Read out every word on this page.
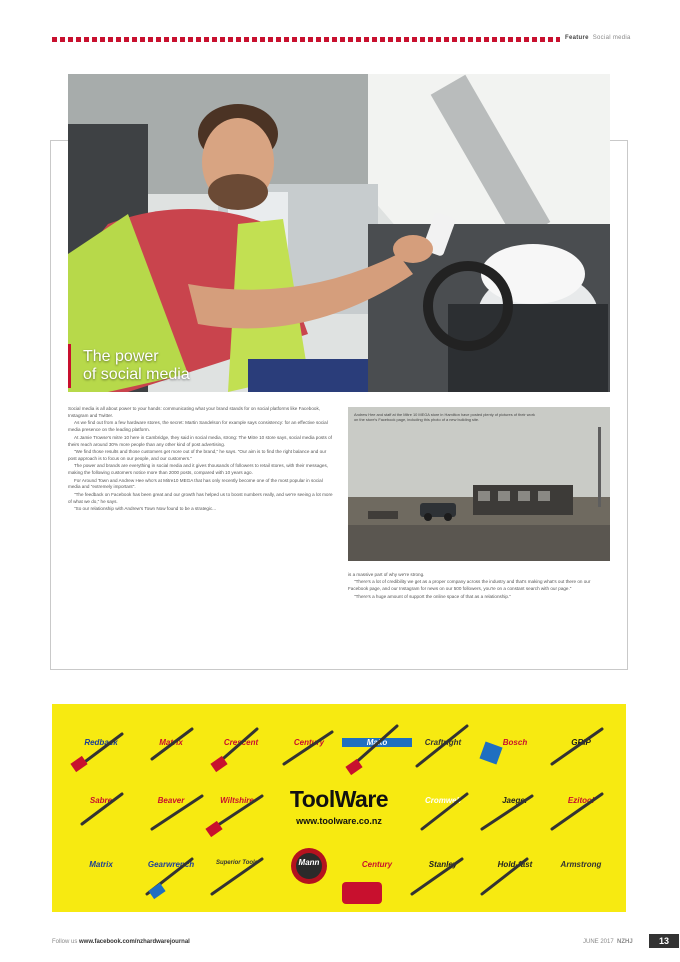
Feature Social media
The power
of social media

Social media is all about power to your hands: communicating what your brand stands for on social platforms like Facebook, Instagram and Twitter.

As we find out from a few hardware stores, the secret: Martin Sandelson for example says consistency: for an effective social media presence on the leading platform.

At Jamie Trowse's mitre 10 here in Cambridge, they said in social media, strong: The Mitre 10 store says, social media posts of theirs reach around 30% more people than any other kind of post advertising.

"We find those results and those customers get more out of the brand," he says. "Our aim is to find the right balance and our post approach is to focus on our people, and our customers."

The power and brands are everything in social media and it gives thousands of followers to retail stores, with their messages, making the following customers notice more than 2000 posts, compared with 10 years ago.

For Around Town and Andrew Hee who's at Mitre10 MEGA that has only recently become one of the most popular in social media and "extremely important".

"The feedback on Facebook has been great and our growth has helped us to boost numbers really, and we're seeing a lot more of what we do," he says.

"So our relationship with Andrew's Town Now found to be a strategic...

Andrew Hee and staff at the Mitre 10 MEGA store in Hamilton have posted plenty of pictures of their work on the store's Facebook page, including this photo of a new building site.

is a massive part of why we're strong.

"There's a lot of credibility we get as a proper company across the industry and that's making what's out there on our Facebook page, and our Instagram for news on our 500 followers, you're on a constant search with our page."

"There's a huge amount of support the online space of that as a relationship."

Redback	Matrix	Crescent	Century	Mako	Craftright	Bosch	GRIP
Sabre	Beaver	Wiltshire	Cromwell	Jaeger	Ezitool
ToolWare
www.toolware.co.nz
Matrix	Gearwrench	Superior Tools	Mann	Century	Stanley	Hold-fast	Armstrong
Follow us www.facebook.com/nzhardwarejournal	JUNE 2017 NZHJ	13
